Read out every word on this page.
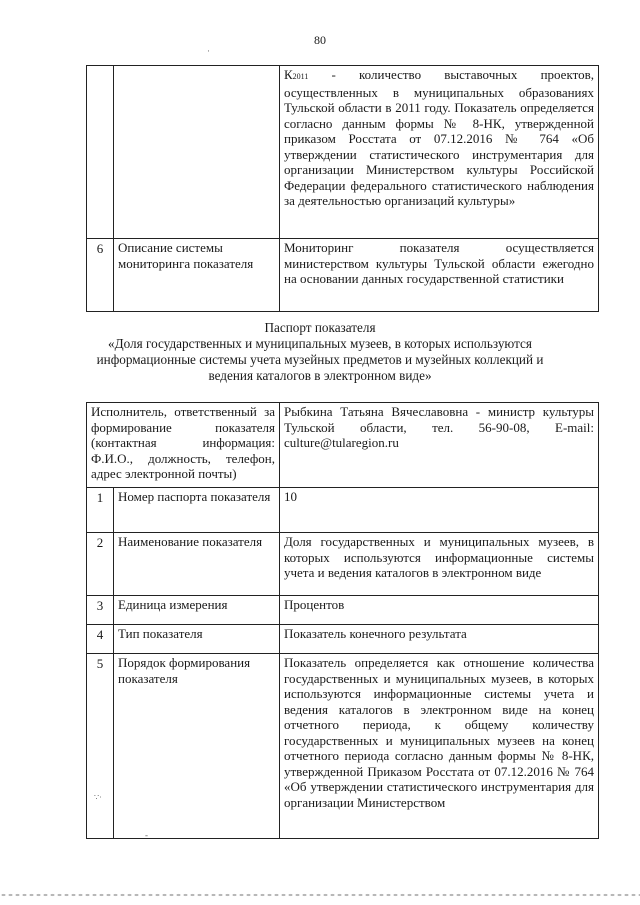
80
		К2011 - количество выставочных проектов, осуществленных в муниципальных образованиях Тульской области в 2011 году. Показатель определяется согласно данным формы № 8-НК, утвержденной приказом Росстата от 07.12.2016 № 764 «Об утверждении статистического инструментария для организации Министерством культуры Российской Федерации федерального статистического наблюдения за деятельностью организаций культуры»
6	Описание системы мониторинга показателя	Мониторинг показателя осуществляется министерством культуры Тульской области ежегодно на основании данных государственной статистики
Паспорт показателя
«Доля государственных и муниципальных музеев, в которых используются информационные системы учета музейных предметов и музейных коллекций и ведения каталогов в электронном виде»
Исполнитель, ответственный за формирование показателя (контактная информация: Ф.И.О., должность, телефон, адрес электронной почты)		Рыбкина Татьяна Вячеславовна - министр культуры Тульской области, тел. 56-90-08, E-mail: culture@tularegion.ru
1	Номер паспорта показателя	10
2	Наименование показателя	Доля государственных и муниципальных музеев, в которых используются информационные системы учета и ведения каталогов в электронном виде
3	Единица измерения	Процентов
4	Тип показателя	Показатель конечного результата
5	Порядок формирования показателя	Показатель определяется как отношение количества государственных и муниципальных музеев, в которых используются информационные системы учета и ведения каталогов в электронном виде на конец отчетного периода, к общему количеству государственных и муниципальных музеев на конец отчетного периода согласно данным формы № 8-НК, утвержденной Приказом Росстата от 07.12.2016 № 764 «Об утверждении статистического инструментария для организации Министерством
·
∵·
-
